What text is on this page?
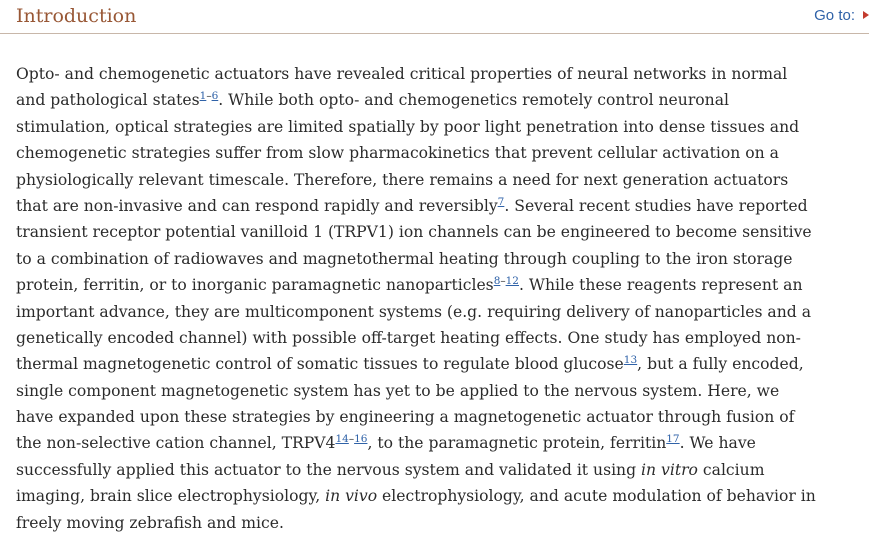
Introduction	Go to:

Opto- and chemogenetic actuators have revealed critical properties of neural networks in normal
and pathological states$^{1-6}$. While both opto- and chemogenetics remotely control neuronal
stimulation, optical strategies are limited spatially by poor light penetration into dense tissues and
chemogenetic strategies suffer from slow pharmacokinetics that prevent cellular activation on a
physiologically relevant timescale. Therefore, there remains a need for next generation actuators
that are non-invasive and can respond rapidly and reversibly$^7$. Several recent studies have reported
transient receptor potential vanilloid 1 (TRPV1) ion channels can be engineered to become sensitive
to a combination of radiowaves and magnetothermal heating through coupling to the iron storage
protein, ferritin, or to inorganic paramagnetic nanoparticles$^{8-12}$. While these reagents represent an
important advance, they are multicomponent systems (e.g. requiring delivery of nanoparticles and a
genetically encoded channel) with possible off-target heating effects. One study has employed non-
thermal magnetogenetic control of somatic tissues to regulate blood glucose$^{13}$, but a fully encoded,
single component magnetogenetic system has yet to be applied to the nervous system. Here, we
have expanded upon these strategies by engineering a magnetogenetic actuator through fusion of
the non-selective cation channel, TRPV4$^{14-16}$, to the paramagnetic protein, ferritin$^{17}$. We have
successfully applied this actuator to the nervous system and validated it using in vitro calcium
imaging, brain slice electrophysiology, in vivo electrophysiology, and acute modulation of behavior in
freely moving zebrafish and mice.
